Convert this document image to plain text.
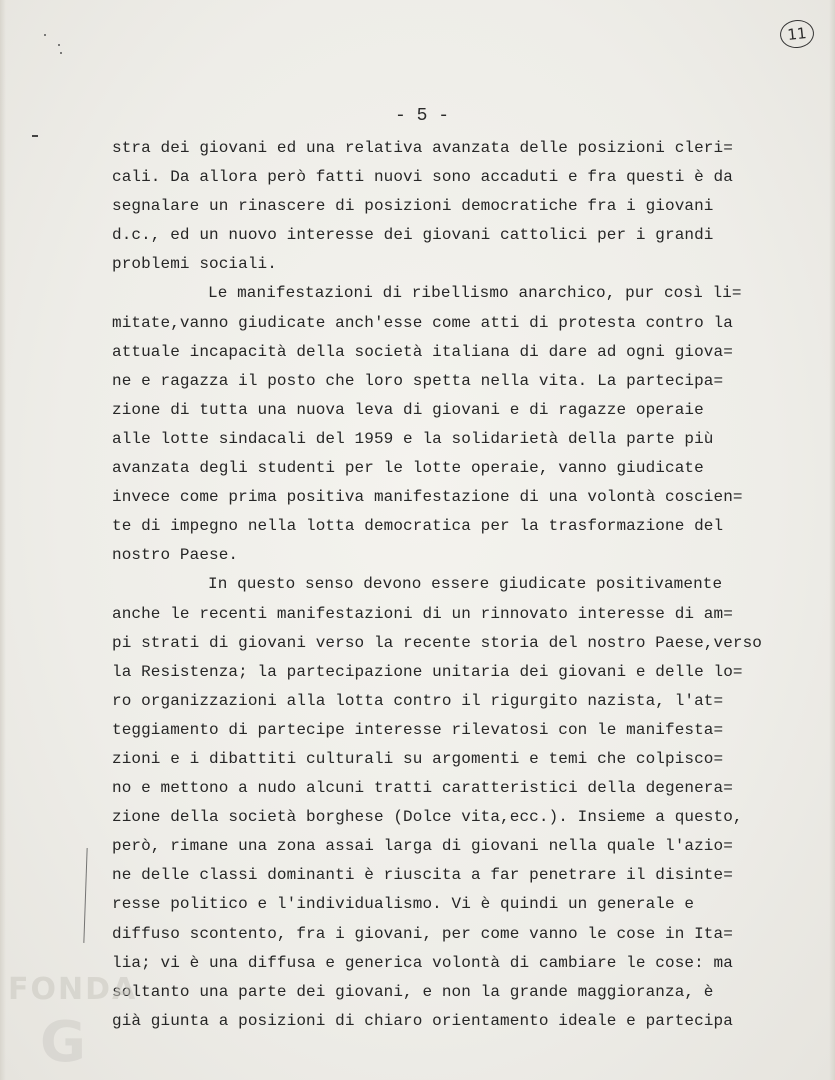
11
- 5 -
stra dei giovani ed una relativa avanzata delle posizioni cleri=
cali. Da allora però fatti nuovi sono accaduti e fra questi è da
segnalare un rinascere di posizioni democratiche fra i giovani
d.c., ed un nuovo interesse dei giovani cattolici per i grandi
problemi sociali.
Le manifestazioni di ribellismo anarchico, pur così li=
mitate,vanno giudicate anch'esse come atti di protesta contro la
attuale incapacità della società italiana di dare ad ogni giova=
ne e ragazza il posto che loro spetta nella vita. La partecipa=
zione di tutta una nuova leva di giovani e di ragazze operaie
alle lotte sindacali del 1959 e la solidarietà della parte più
avanzata degli studenti per le lotte operaie, vanno giudicate
invece come prima positiva manifestazione di una volontà coscien=
te di impegno nella lotta democratica per la trasformazione del
nostro Paese.
In questo senso devono essere giudicate positivamente
anche le recenti manifestazioni di un rinnovato interesse di am=
pi strati di giovani verso la recente storia del nostro Paese,verso
la Resistenza; la partecipazione unitaria dei giovani e delle lo=
ro organizzazioni alla lotta contro il rigurgito nazista, l'at=
teggiamento di partecipe interesse rilevatosi con le manifesta=
zioni e i dibattiti culturali su argomenti e temi che colpisco=
no e mettono a nudo alcuni tratti caratteristici della degenera=
zione della società borghese (Dolce vita,ecc.). Insieme a questo,
però, rimane una zona assai larga di giovani nella quale l'azio=
ne delle classi dominanti è riuscita a far penetrare il disinte=
resse politico e l'individualismo. Vi è quindi un generale e
diffuso scontento, fra i giovani, per come vanno le cose in Ita=
lia; vi è una diffusa e generica volontà di cambiare le cose: ma
soltanto una parte dei giovani, e non la grande maggioranza, è
già giunta a posizioni di chiaro orientamento ideale e partecipa
FONDA
G
